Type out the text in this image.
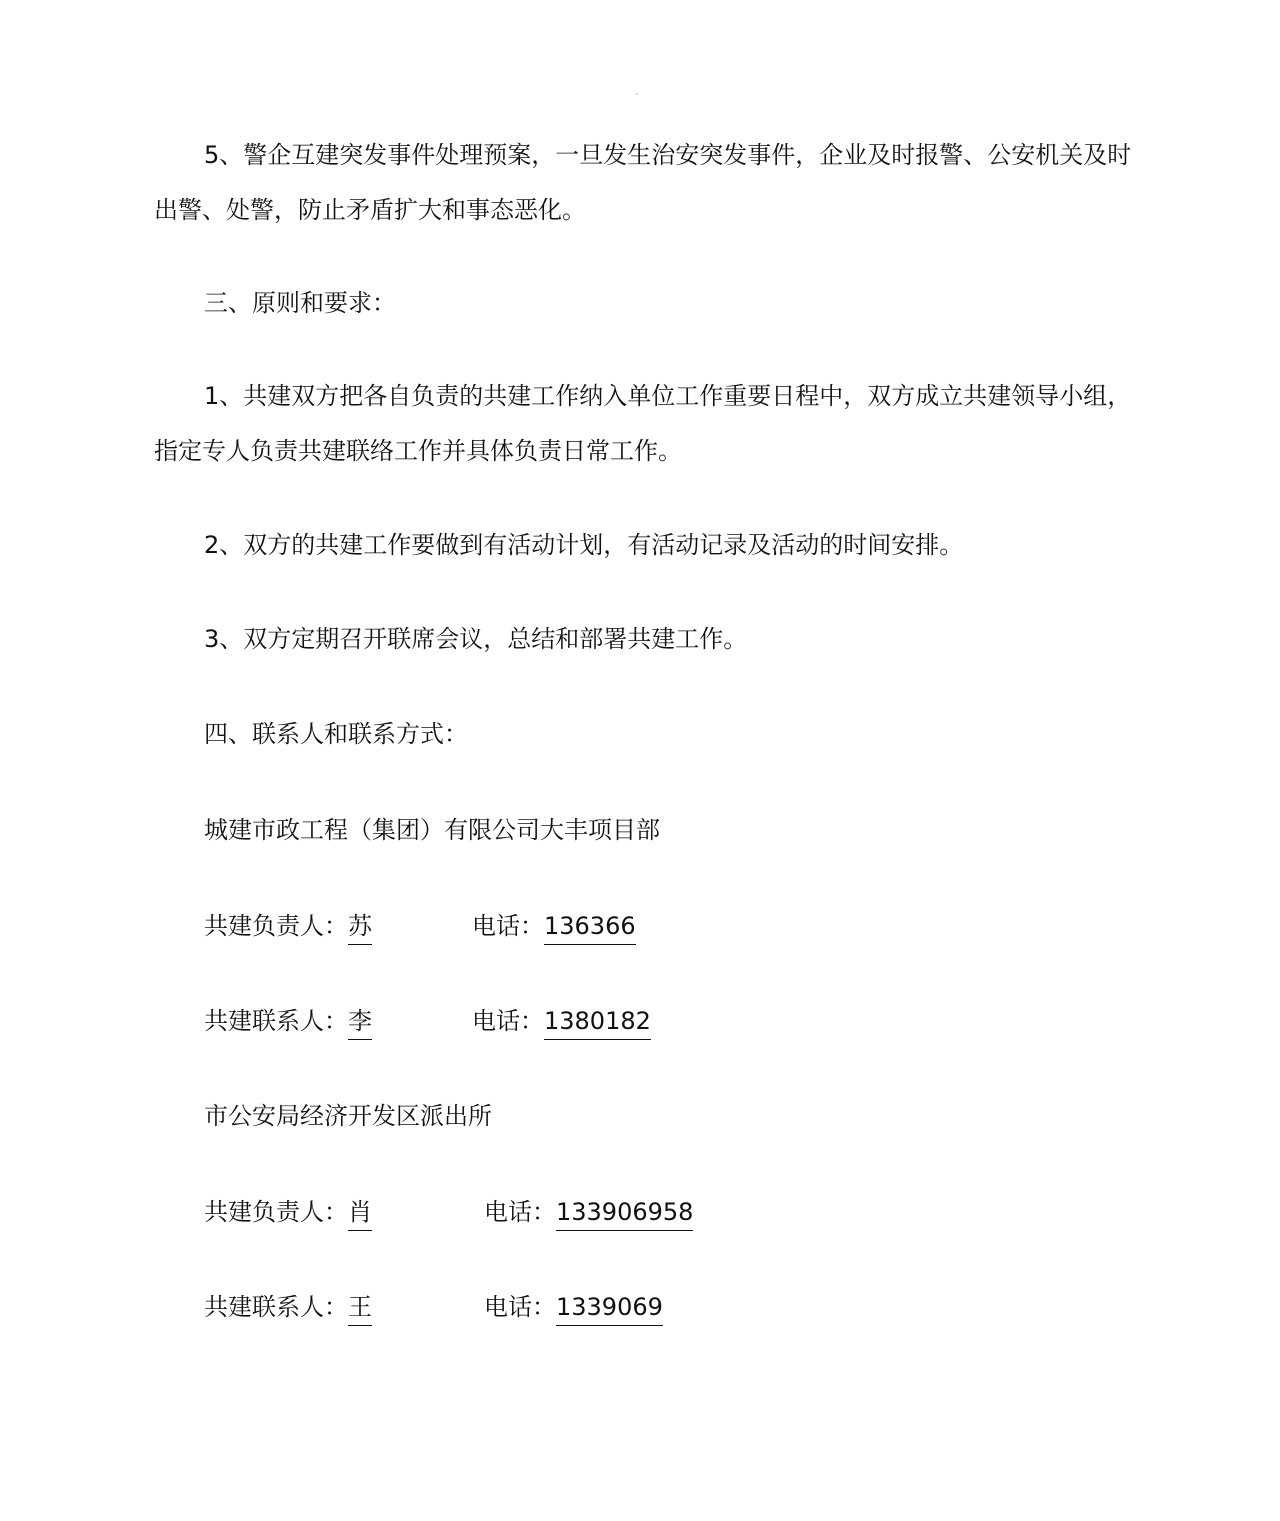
5、警企互建突发事件处理预案，一旦发生治安突发事件，企业及时报警、公安机关及时出警、处警，防止矛盾扩大和事态恶化。

三、原则和要求：

1、共建双方把各自负责的共建工作纳入单位工作重要日程中，双方成立共建领导小组，指定专人负责共建联络工作并具体负责日常工作。

2、双方的共建工作要做到有活动计划，有活动记录及活动的时间安排。

3、双方定期召开联席会议，总结和部署共建工作。

四、联系人和联系方式：

城建市政工程（集团）有限公司大丰项目部

共建负责人：苏	电话：136366
共建联系人：李	电话：1380182

市公安局经济开发区派出所

共建负责人：肖	电话：133906958
共建联系人：王	电话：1339069
